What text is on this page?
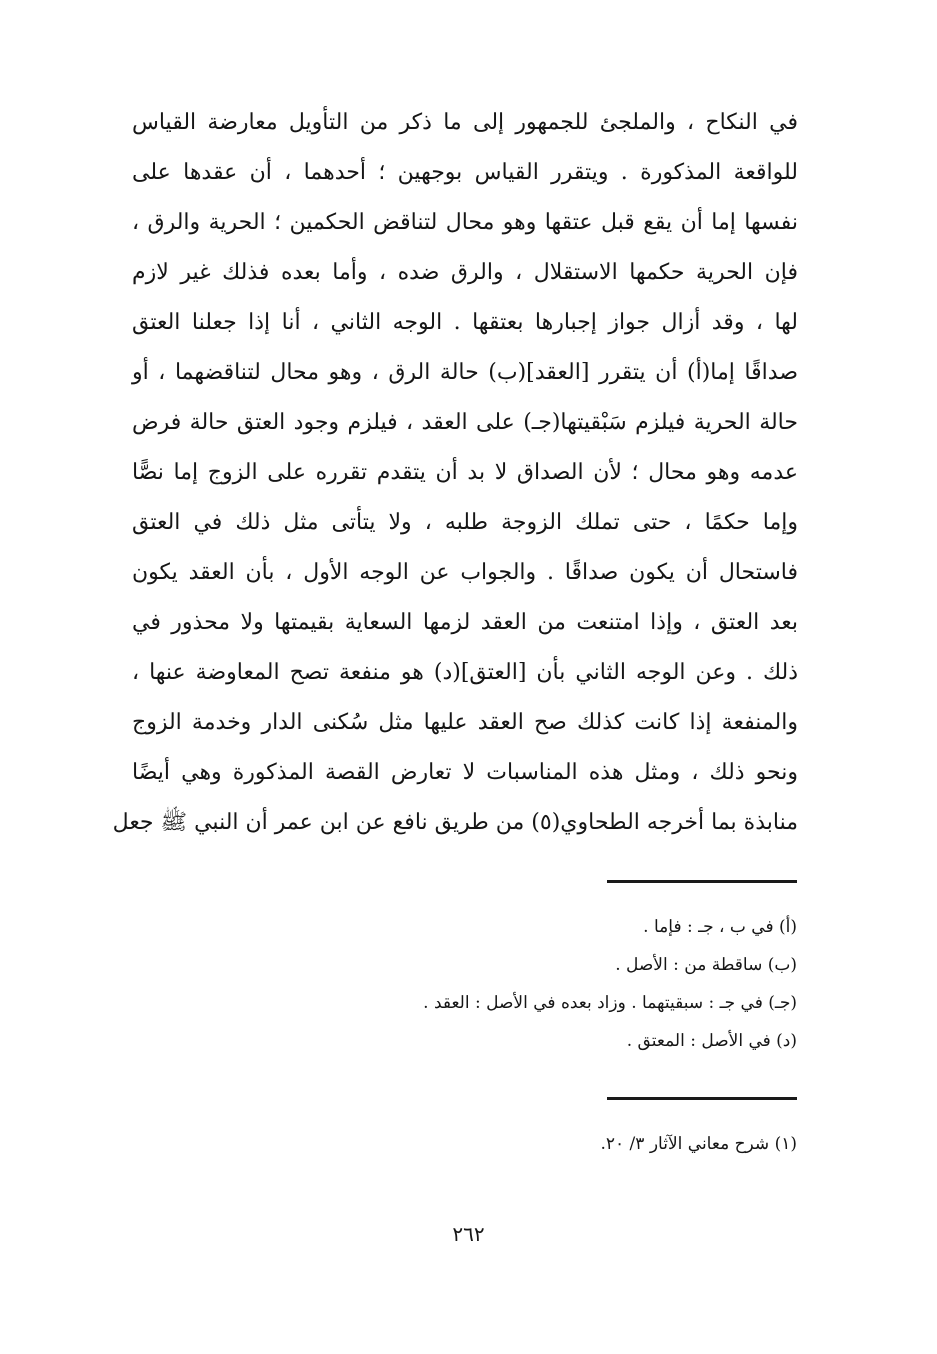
في النكاح ، والملجئ للجمهور إلى ما ذكر من التأويل معارضة القياس
للواقعة المذكورة . ويتقرر القياس بوجهين ؛ أحدهما ، أن عقدها على
نفسها إما أن يقع قبل عتقها وهو محال لتناقض الحكمين ؛ الحرية والرق ،
فإن الحرية حكمها الاستقلال ، والرق ضده ، وأما بعده فذلك غير لازم
لها ، وقد أزال جواز إجبارها بعتقها . الوجه الثاني ، أنا إذا جعلنا العتق
صداقًا إما(أ) أن يتقرر [العقد](ب) حالة الرق ، وهو محال لتناقضهما ، أو
حالة الحرية فيلزم سَبْقيتها(جـ) على العقد ، فيلزم وجود العتق حالة فرض
عدمه وهو محال ؛ لأن الصداق لا بد أن يتقدم تقرره على الزوج إما نصًّا
وإما حكمًا ، حتى تملك الزوجة طلبه ، ولا يتأتى مثل ذلك في العتق
فاستحال أن يكون صداقًا . والجواب عن الوجه الأول ، بأن العقد يكون
بعد العتق ، وإذا امتنعت من العقد لزمها السعاية بقيمتها ولا محذور في
ذلك . وعن الوجه الثاني بأن [العتق](د) هو منفعة تصح المعاوضة عنها ،
والمنفعة إذا كانت كذلك صح العقد عليها مثل سُكنى الدار وخدمة الزوج
ونحو ذلك ، ومثل هذه المناسبات لا تعارض القصة المذكورة وهي أيضًا
منابذة بما أخرجه الطحاوي(٥) من طريق نافع عن ابن عمر أن النبي ﷺ جعل
(أ) في ب ، جـ : فإما .
(ب) ساقطة من : الأصل .
(جـ) في جـ : سبقيتهما . وزاد بعده في الأصل : العقد .
(د) في الأصل : المعتق .
(١) شرح معاني الآثار ٣/ ٢٠.
٢٦٢
